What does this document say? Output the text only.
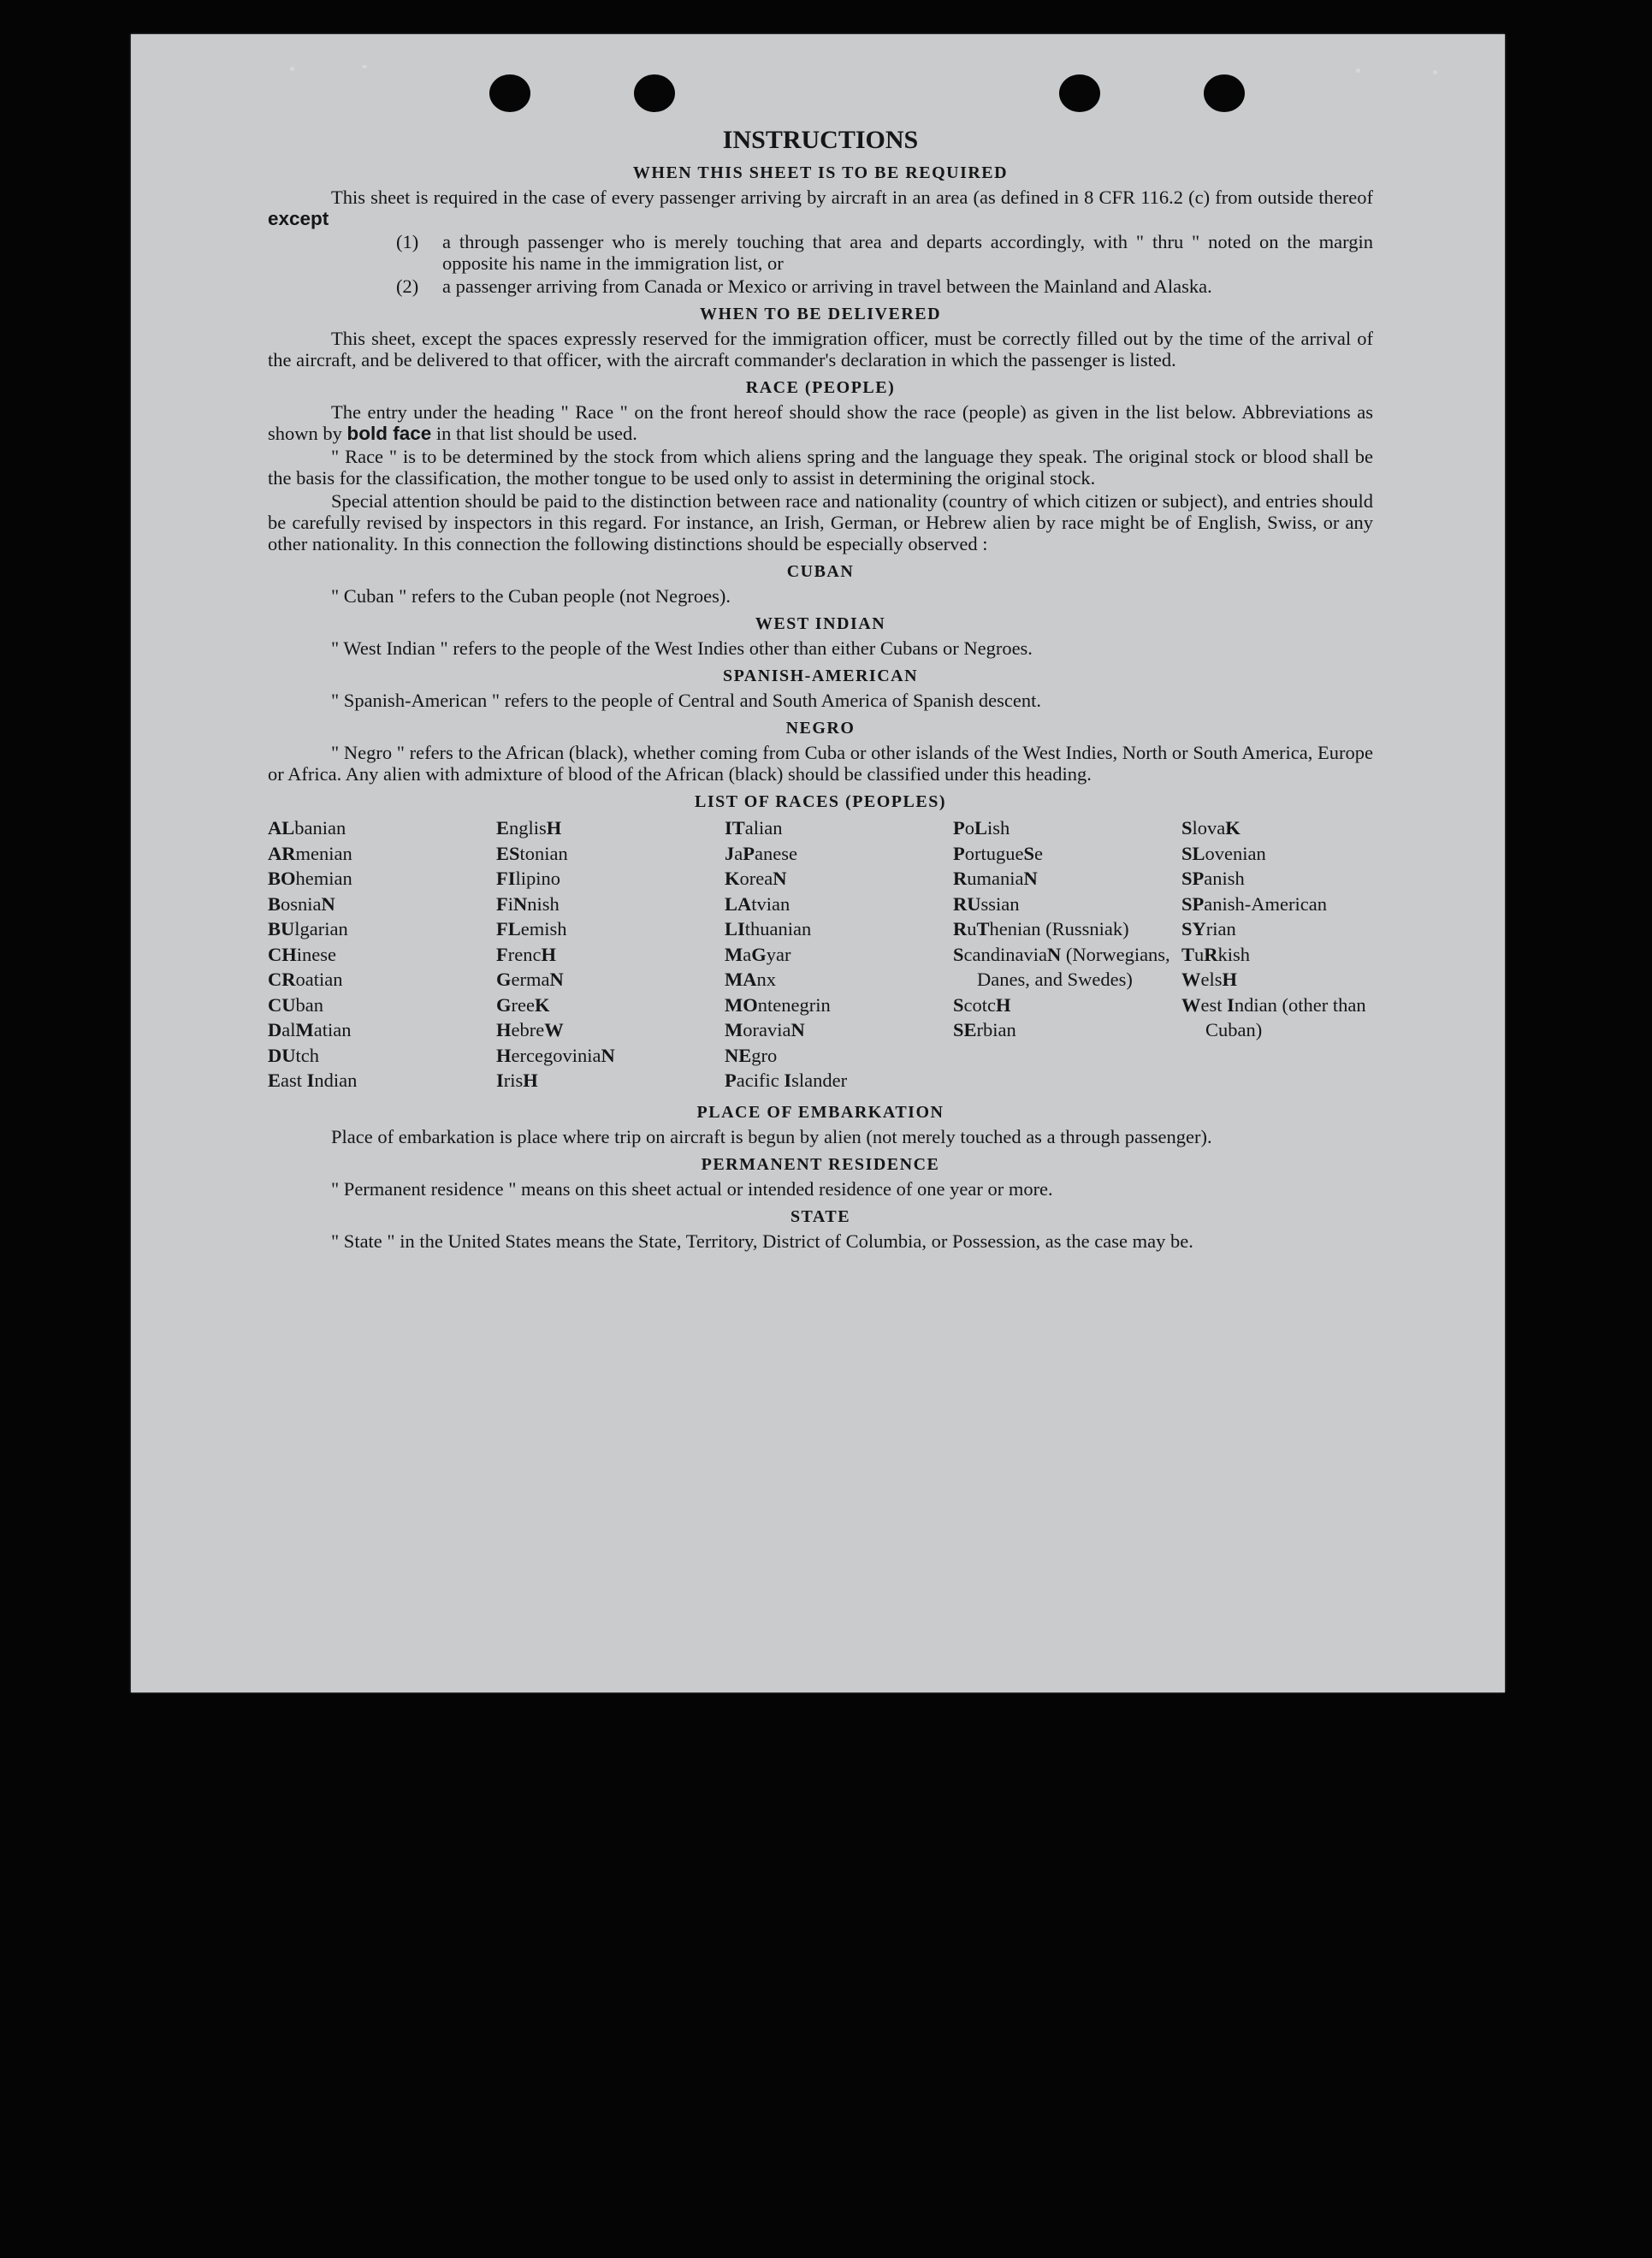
INSTRUCTIONS
WHEN THIS SHEET IS TO BE REQUIRED

This sheet is required in the case of every passenger arriving by aircraft in an area (as defined in 8 CFR 116.2 (c) from outside thereof except

(1)	a through passenger who is merely touching that area and departs accordingly, with " thru " noted on the margin opposite his name in the immigration list, or
(2)	a passenger arriving from Canada or Mexico or arriving in travel between the Mainland and Alaska.
WHEN TO BE DELIVERED

This sheet, except the spaces expressly reserved for the immigration officer, must be correctly filled out by the time of the arrival of the aircraft, and be delivered to that officer, with the aircraft commander's declaration in which the passenger is listed.

RACE (PEOPLE)

The entry under the heading " Race " on the front hereof should show the race (people) as given in the list below. Abbreviations as shown by bold face in that list should be used.

" Race " is to be determined by the stock from which aliens spring and the language they speak. The original stock or blood shall be the basis for the classification, the mother tongue to be used only to assist in determining the original stock.

Special attention should be paid to the distinction between race and nationality (country of which citizen or subject), and entries should be carefully revised by inspectors in this regard. For instance, an Irish, German, or Hebrew alien by race might be of English, Swiss, or any other nationality. In this connection the following distinctions should be especially observed :

CUBAN

" Cuban " refers to the Cuban people (not Negroes).

WEST INDIAN

" West Indian " refers to the people of the West Indies other than either Cubans or Negroes.

SPANISH-AMERICAN

" Spanish-American " refers to the people of Central and South America of Spanish descent.

NEGRO

" Negro " refers to the African (black), whether coming from Cuba or other islands of the West Indies, North or South America, Europe or Africa. Any alien with admixture of blood of the African (black) should be classified under this heading.

LIST OF RACES (PEOPLES)
ALbanian
ARmenian
BOhemian
BosniaN
BUlgarian
CHinese
CRoatian
CUban
DalMatian
DUtch
East Indian
EnglisH
EStonian
FIlipino
FiNnish
FLemish
FrencH
GermaN
GreeK
HebreW
HercegoviniaN
IrisH
ITalian
JaPanese
KoreaN
LAtvian
LIthuanian
MaGyar
MAnx
MOntenegrin
MoraviaN
NEgro
Pacific Islander
PoLish
PortugueSe
RumaniaN
RUssian
RuThenian (Russniak)
ScandinaviaN (Norwegians, Danes, and Swedes)
ScotcH
SErbian
SlovaK
SLovenian
SPanish
SPanish-American
SYrian
TuRkish
WelsH
West Indian (other than Cuban)
PLACE OF EMBARKATION

Place of embarkation is place where trip on aircraft is begun by alien (not merely touched as a through passenger).

PERMANENT RESIDENCE

" Permanent residence " means on this sheet actual or intended residence of one year or more.

STATE

" State " in the United States means the State, Territory, District of Columbia, or Possession, as the case may be.
